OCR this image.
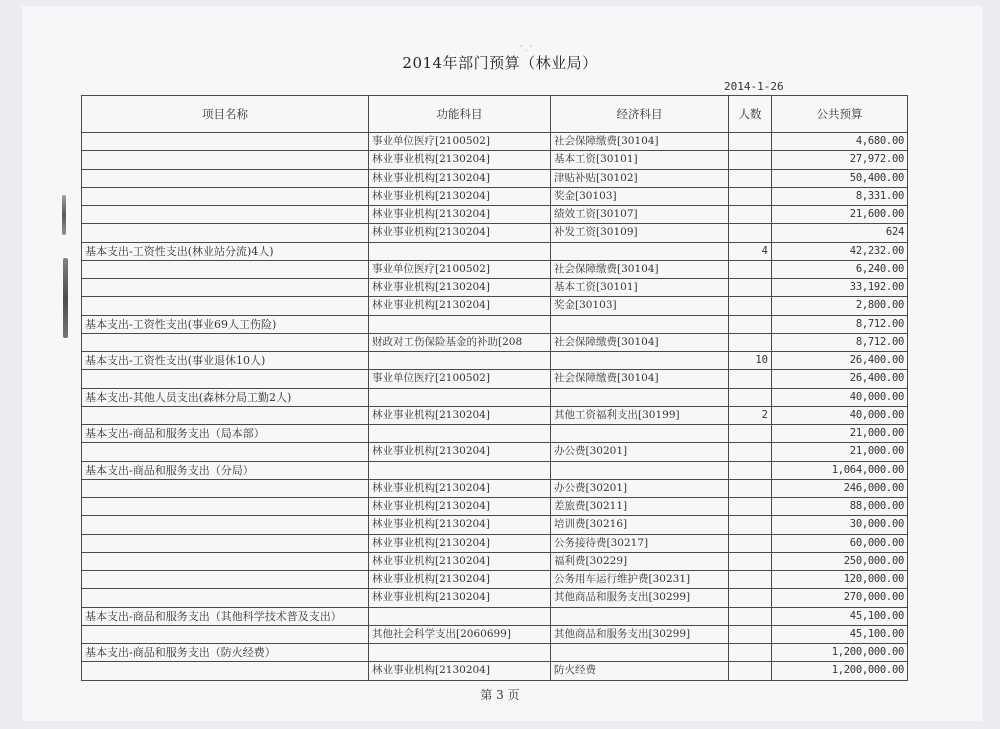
' . '
2014年部门预算（林业局）
2014-1-26
项目名称	功能科目	经济科目	人数	公共预算
	事业单位医疗[2100502]	社会保障缴费[30104]		4,680.00
	林业事业机构[2130204]	基本工资[30101]		27,972.00
	林业事业机构[2130204]	津贴补贴[30102]		50,400.00
	林业事业机构[2130204]	奖金[30103]		8,331.00
	林业事业机构[2130204]	绩效工资[30107]		21,600.00
	林业事业机构[2130204]	补发工资[30109]		624
基本支出-工资性支出(林业站分流)4人)			4	42,232.00
	事业单位医疗[2100502]	社会保障缴费[30104]		6,240.00
	林业事业机构[2130204]	基本工资[30101]		33,192.00
	林业事业机构[2130204]	奖金[30103]		2,800.00
基本支出-工资性支出(事业69人工伤险)				8,712.00
	财政对工伤保险基金的补助[208	社会保障缴费[30104]		8,712.00
基本支出-工资性支出(事业退休10人)			10	26,400.00
	事业单位医疗[2100502]	社会保障缴费[30104]		26,400.00
基本支出-其他人员支出(森林分局工勤2人)				40,000.00
	林业事业机构[2130204]	其他工资福利支出[30199]	2	40,000.00
基本支出-商品和服务支出（局本部）				21,000.00
	林业事业机构[2130204]	办公费[30201]		21,000.00
基本支出-商品和服务支出（分局）				1,064,000.00
	林业事业机构[2130204]	办公费[30201]		246,000.00
	林业事业机构[2130204]	差旅费[30211]		88,000.00
	林业事业机构[2130204]	培训费[30216]		30,000.00
	林业事业机构[2130204]	公务接待费[30217]		60,000.00
	林业事业机构[2130204]	福利费[30229]		250,000.00
	林业事业机构[2130204]	公务用车运行维护费[30231]		120,000.00
	林业事业机构[2130204]	其他商品和服务支出[30299]		270,000.00
基本支出-商品和服务支出（其他科学技术普及支出）				45,100.00
	其他社会科学支出[2060699]	其他商品和服务支出[30299]		45,100.00
基本支出-商品和服务支出（防火经费）				1,200,000.00
	林业事业机构[2130204]	防火经费		1,200,000.00
第 3 页
